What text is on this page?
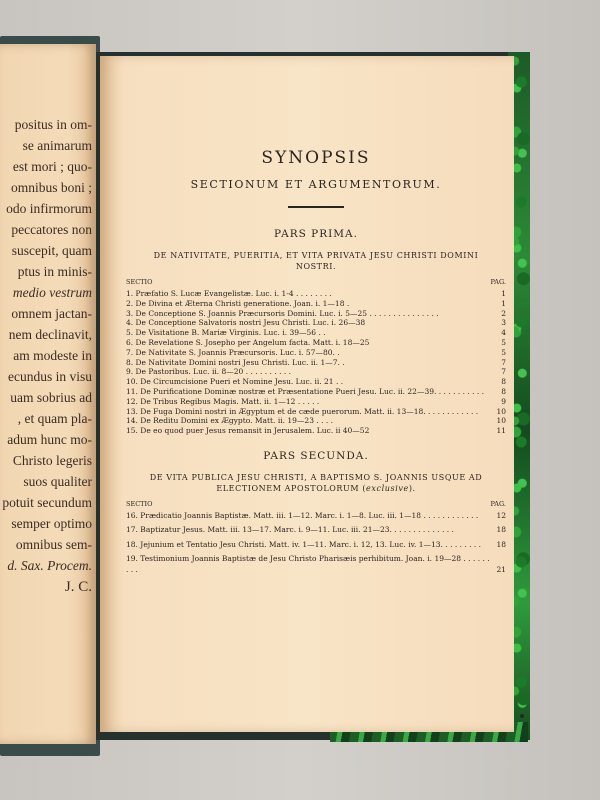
positus in om-
se animarum
est mori ; quo-
omnibus boni ;
odo infirmorum
peccatores non
suscepit, quam
ptus in minis-
medio vestrum
omnem jactan-
nem declinavit,
am modeste in
ecundus in visu
uam sobrius ad
, et quam pla-
adum hunc mo-
Christo legeris
suos qualiter
potuit secundum
semper optimo
omnibus sem-
d. Sax. Procem.
J. C.
SYNOPSIS
SECTIONUM ET ARGUMENTORUM.
PARS PRIMA.
DE NATIVITATE, PUERITIA, ET VITA PRIVATA JESU CHRISTI DOMINI NOSTRI.
SECTIO	PAG.
1. Præfatio S. Lucæ Evangelistæ. Luc. i. 1-4 . . . . . . . .	1
2. De Divina et Æterna Christi generatione. Joan. i. 1—18 .	1
3. De Conceptione S. Joannis Præcursoris Domini. Luc. i. 5—25 . . . . . . . . . . . . . . .	2
4. De Conceptione Salvatoris nostri Jesu Christi. Luc. i. 26—38	3
5. De Visitatione B. Mariæ Virginis. Luc. i. 39—56 . .	4
6. De Revelatione S. Josepho per Angelum facta. Matt. i. 18—25	5
7. De Nativitate S. Joannis Præcursoris. Luc. i. 57—80. .	5
8. De Nativitate Domini nostri Jesu Christi. Luc. ii. 1—7. .	7
9. De Pastoribus. Luc. ii. 8—20 . . . . . . . . . .	7
10. De Circumcisione Pueri et Nomine Jesu. Luc. ii. 21 . .	8
11. De Purificatione Dominæ nostræ et Præsentatione Pueri Jesu. Luc. ii. 22—39. . . . . . . . . . .	8
12. De Tribus Regibus Magis. Matt. ii. 1—12 . . . . .	9
13. De Fuga Domini nostri in Ægyptum et de cæde puerorum. Matt. ii. 13—18. . . . . . . . . . . .	10
14. De Reditu Domini ex Ægypto. Matt. ii. 19—23 . . . .	10
15. De eo quod puer Jesus remansit in Jerusalem. Luc. ii 40—52	11
PARS SECUNDA.
DE VITA PUBLICA JESU CHRISTI, A BAPTISMO S. JOANNIS USQUE AD ELECTIONEM APOSTOLORUM (exclusive).
SECTIO	PAG.
16. Prædicatio Joannis Baptistæ. Matt. iii. 1—12. Marc. i. 1—8. Luc. iii. 1—18 . . . . . . . . . . . .	12
17. Baptizatur Jesus. Matt. iii. 13—17. Marc. i. 9—11. Luc. iii. 21—23. . . . . . . . . . . . . .	18
18. Jejunium et Tentatio Jesu Christi. Matt. iv. 1—11. Marc. i. 12, 13. Luc. iv. 1—13. . . . . . . . .	18
19. Testimonium Joannis Baptistæ de Jesu Christo Pharisæis perhibitum. Joan. i. 19—28 . . . . . . . . .	21
